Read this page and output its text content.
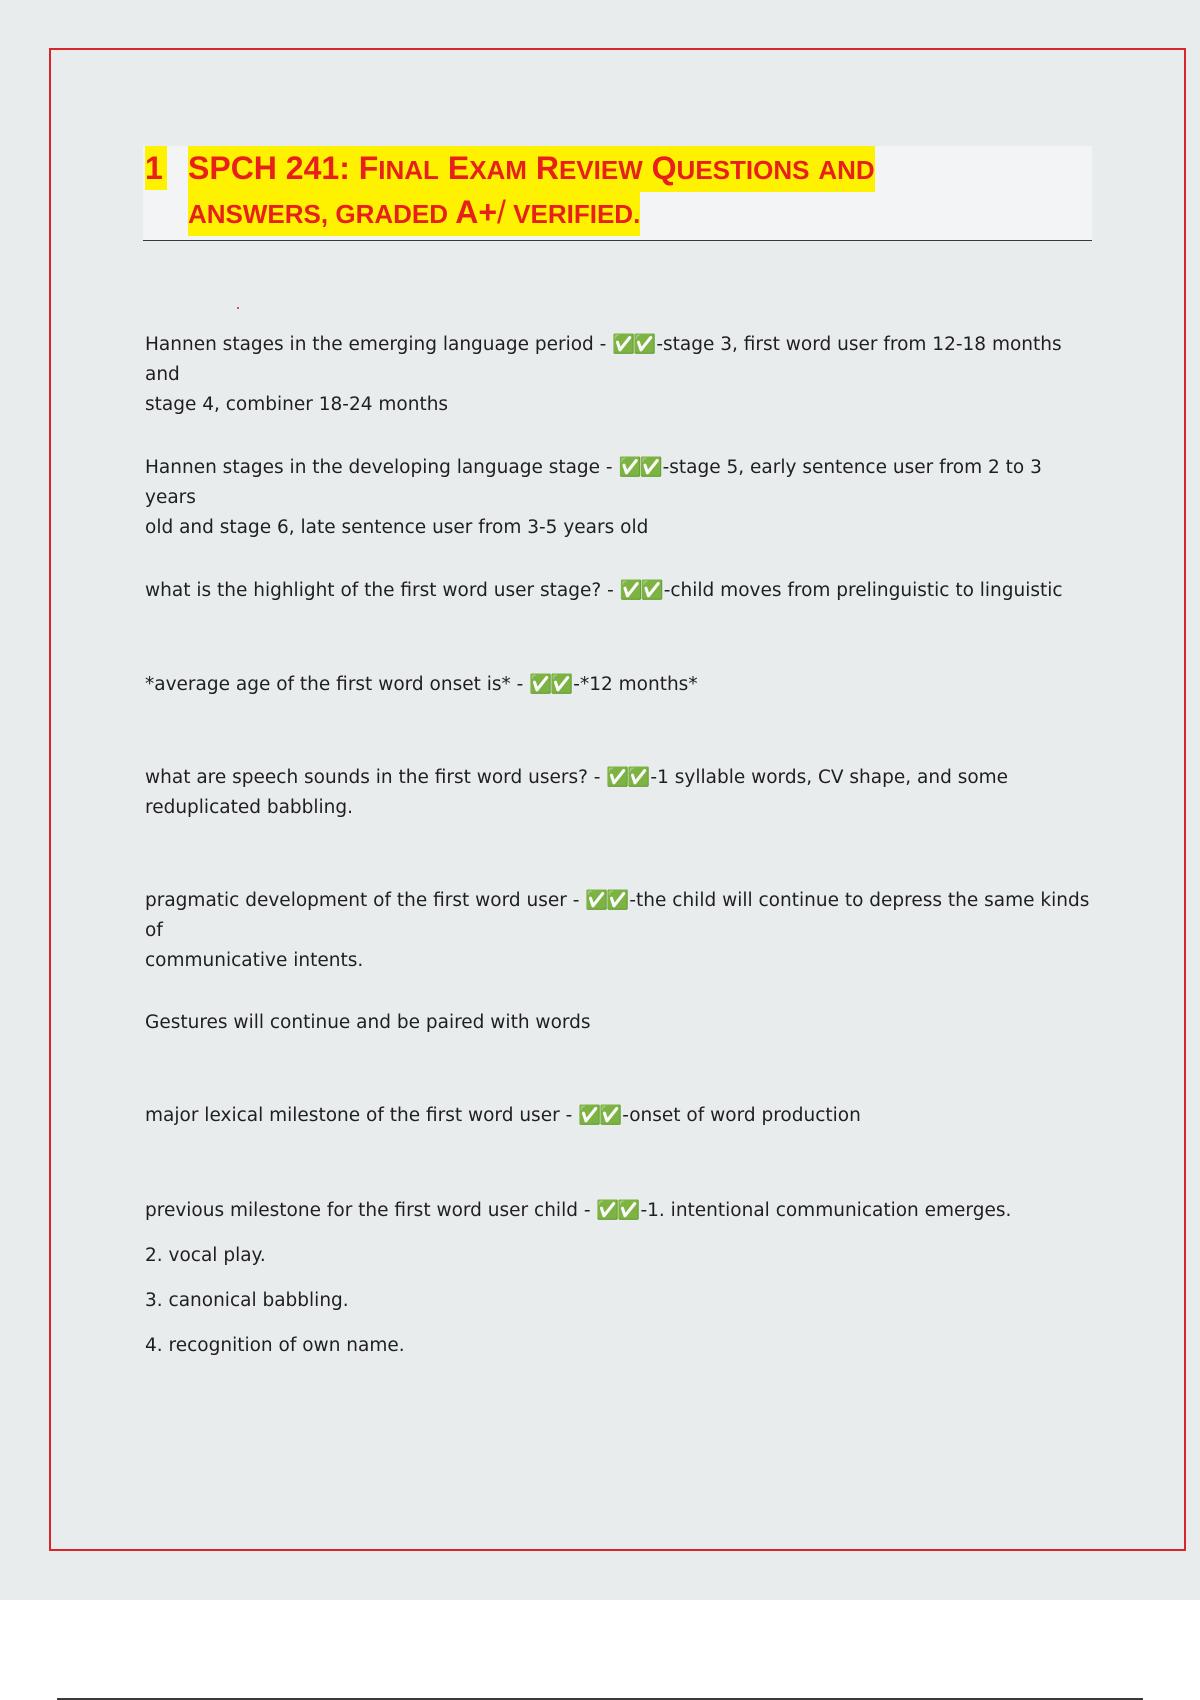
1 SPCH 241: FINAL EXAM REVIEW QUESTIONS AND
ANSWERS, GRADED A+/ VERIFIED.
Hannen stages in the emerging language period - ✅✅ -stage 3, first word user from 12-18 months and
stage 4, combiner 18-24 months
Hannen stages in the developing language stage - ✅✅ -stage 5, early sentence user from 2 to 3 years
old and stage 6, late sentence user from 3-5 years old
what is the highlight of the first word user stage? - ✅✅ -child moves from prelinguistic to linguistic
*average age of the first word onset is* - ✅✅ -*12 months*
what are speech sounds in the first word users? - ✅✅ -1 syllable words, CV shape, and some
reduplicated babbling.
pragmatic development of the first word user - ✅✅ -the child will continue to depress the same kinds of
communicative intents.
Gestures will continue and be paired with words
major lexical milestone of the first word user - ✅✅ -onset of word production
previous milestone for the first word user child - ✅✅ -1. intentional communication emerges.
2. vocal play.
3. canonical babbling.
4. recognition of own name.
